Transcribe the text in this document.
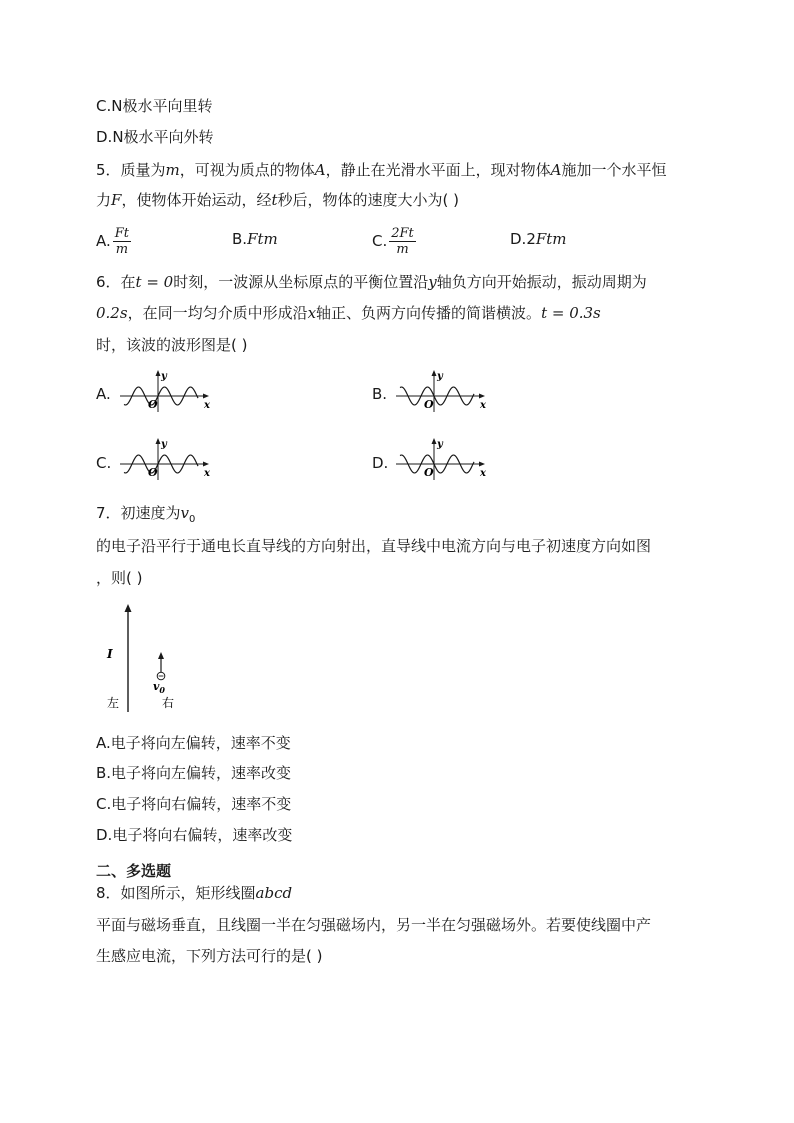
C.N极水平向里转
D.N极水平向外转
5．质量为m，可视为质点的物体A，静止在光滑水平面上，现对物体A施加一个水平恒
力F，使物体开始运动，经t秒后，物体的速度大小为( )
A. $\frac{Ft}{m}$	B.Ftm	C. $\frac{2Ft}{m}$	D.2Ftm
6．在t = 0时刻，一波源从坐标原点的平衡位置沿y轴负方向开始振动，振动周期为
0.2s，在同一均匀介质中形成沿x轴正、负两方向传播的简谐横波。t = 0.3s
时，该波的波形图是( )
A.
y
x
O
B.
y
x
O
C.
y
x
O
D.
y
x
O
7．初速度为$v_0$
的电子沿平行于通电长直导线的方向射出，直导线中电流方向与电子初速度方向如图
，则( )
I
$v_0$
左	右
A.电子将向左偏转，速率不变
B.电子将向左偏转，速率改变
C.电子将向右偏转，速率不变
D.电子将向右偏转，速率改变
二、多选题
8．如图所示，矩形线圈abcd
平面与磁场垂直，且线圈一半在匀强磁场内，另一半在匀强磁场外。若要使线圈中产
生感应电流，下列方法可行的是( )
